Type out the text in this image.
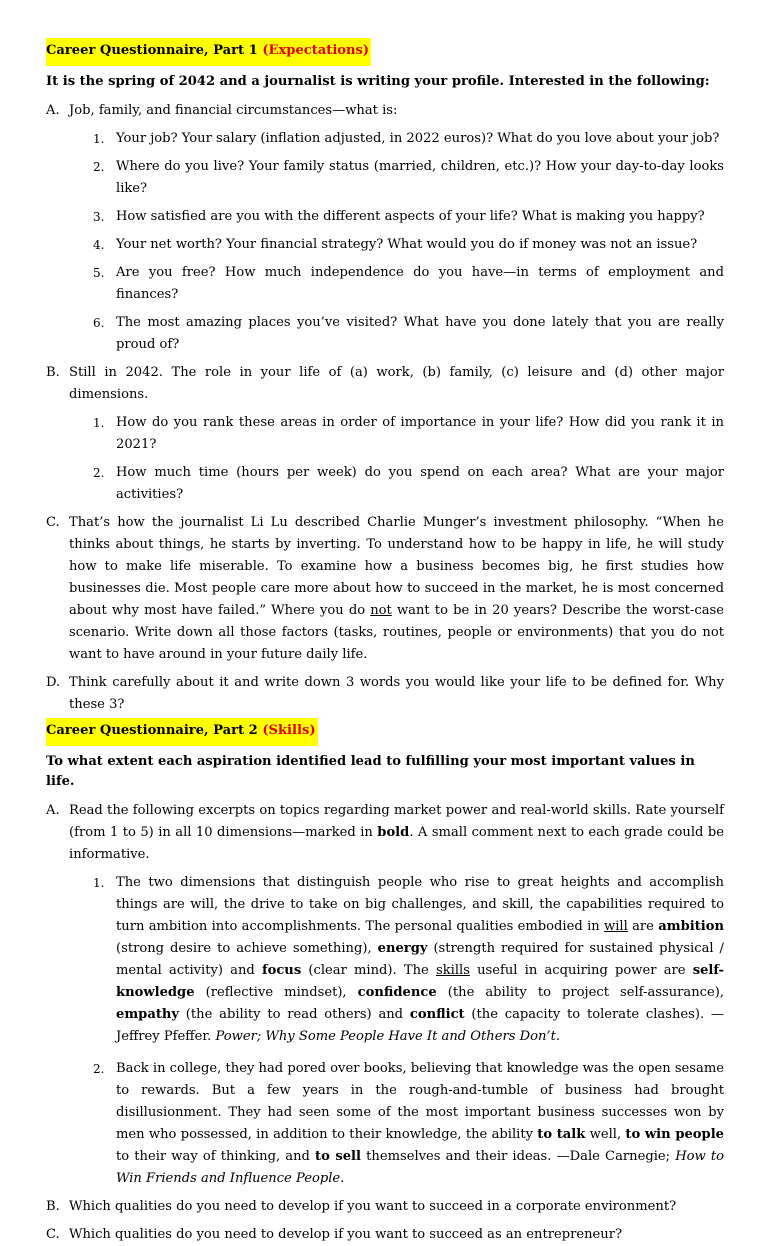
Career Questionnaire, Part 1 (Expectations)
It is the spring of 2042 and a journalist is writing your profile. Interested in the following:
A. Job, family, and financial circumstances—what is:
1. Your job? Your salary (inflation adjusted, in 2022 euros)? What do you love about your job?
2. Where do you live? Your family status (married, children, etc.)? How your day-to-day looks like?
3. How satisfied are you with the different aspects of your life? What is making you happy?
4. Your net worth? Your financial strategy? What would you do if money was not an issue?
5. Are you free? How much independence do you have—in terms of employment and finances?
6. The most amazing places you’ve visited? What have you done lately that you are really proud of?
B. Still in 2042. The role in your life of (a) work, (b) family, (c) leisure and (d) other major dimensions.
1. How do you rank these areas in order of importance in your life? How did you rank it in 2021?
2. How much time (hours per week) do you spend on each area? What are your major activities?
C. That’s how the journalist Li Lu described Charlie Munger’s investment philosophy. “When he thinks about things, he starts by inverting. To understand how to be happy in life, he will study how to make life miserable. To examine how a business becomes big, he first studies how businesses die. Most people care more about how to succeed in the market, he is most concerned about why most have failed.” Where you do not want to be in 20 years? Describe the worst-case scenario. Write down all those factors (tasks, routines, people or environments) that you do not want to have around in your future daily life.
D. Think carefully about it and write down 3 words you would like your life to be defined for. Why these 3?
Career Questionnaire, Part 2 (Skills)
To what extent each aspiration identified lead to fulfilling your most important values in life.
A. Read the following excerpts on topics regarding market power and real-world skills. Rate yourself (from 1 to 5) in all 10 dimensions—marked in bold. A small comment next to each grade could be informative.
1. The two dimensions that distinguish people who rise to great heights and accomplish things are will, the drive to take on big challenges, and skill, the capabilities required to turn ambition into accomplishments. The personal qualities embodied in will are ambition (strong desire to achieve something), energy (strength required for sustained physical / mental activity) and focus (clear mind). The skills useful in acquiring power are self-knowledge (reflective mindset), confidence (the ability to project self-assurance), empathy (the ability to read others) and conflict (the capacity to tolerate clashes). —Jeffrey Pfeffer. Power; Why Some People Have It and Others Don’t.
2. Back in college, they had pored over books, believing that knowledge was the open sesame to rewards. But a few years in the rough-and-tumble of business had brought disillusionment. They had seen some of the most important business successes won by men who possessed, in addition to their knowledge, the ability to talk well, to win people to their way of thinking, and to sell themselves and their ideas. —Dale Carnegie; How to Win Friends and Influence People.
B. Which qualities do you need to develop if you want to succeed in a corporate environment?
C. Which qualities do you need to develop if you want to succeed as an entrepreneur?
